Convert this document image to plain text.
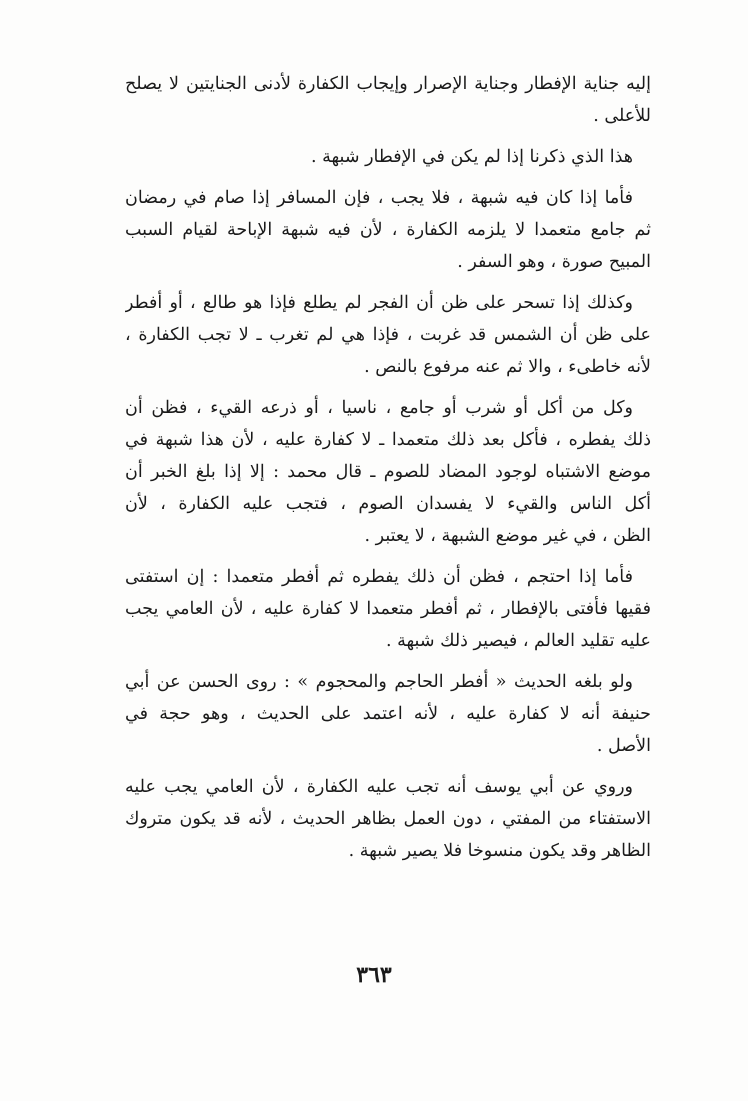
إليه جناية الإفطار وجناية الإصرار وإيجاب الكفارة لأدنى الجنايتين لا يصلح
للأعلى .
هذا الذي ذكرنا إذا لم يكن في الإفطار شبهة .
فأما إذا كان فيه شبهة ، فلا يجب ، فإن المسافر إذا صام في رمضان
ثم جامع متعمدا لا يلزمه الكفارة ، لأن فيه شبهة الإباحة لقيام السبب
المبيح صورة ، وهو السفر .
وكذلك إذا تسحر على ظن أن الفجر لم يطلع فإذا هو طالع ، أو أفطر
على ظن أن الشمس قد غربت ، فإذا هي لم تغرب ـ لا تجب الكفارة ،
لأنه خاطىء ، والا ثم عنه مرفوع بالنص .
وكل من أكل أو شرب أو جامع ، ناسيا ، أو ذرعه القيء ، فظن أن
ذلك يفطره ، فأكل بعد ذلك متعمدا ـ لا كفارة عليه ، لأن هذا شبهة في
موضع الاشتباه لوجود المضاد للصوم ـ قال محمد : إلا إذا بلغ الخبر أن
أكل الناس والقيء لا يفسدان الصوم ، فتجب عليه الكفارة ، لأن
الظن ، في غير موضع الشبهة ، لا يعتبر .
فأما إذا احتجم ، فظن أن ذلك يفطره ثم أفطر متعمدا : إن استفتى
فقيها فأفتى بالإفطار ، ثم أفطر متعمدا لا كفارة عليه ، لأن العامي يجب
عليه تقليد العالم ، فيصير ذلك شبهة .
ولو بلغه الحديث « أفطر الحاجم والمحجوم » : روى الحسن عن أبي
حنيفة أنه لا كفارة عليه ، لأنه اعتمد على الحديث ، وهو حجة في
الأصل .
وروي عن أبي يوسف أنه تجب عليه الكفارة ، لأن العامي يجب عليه
الاستفتاء من المفتي ، دون العمل بظاهر الحديث ، لأنه قد يكون متروك
الظاهر وقد يكون منسوخا فلا يصير شبهة .
٣٦٣
